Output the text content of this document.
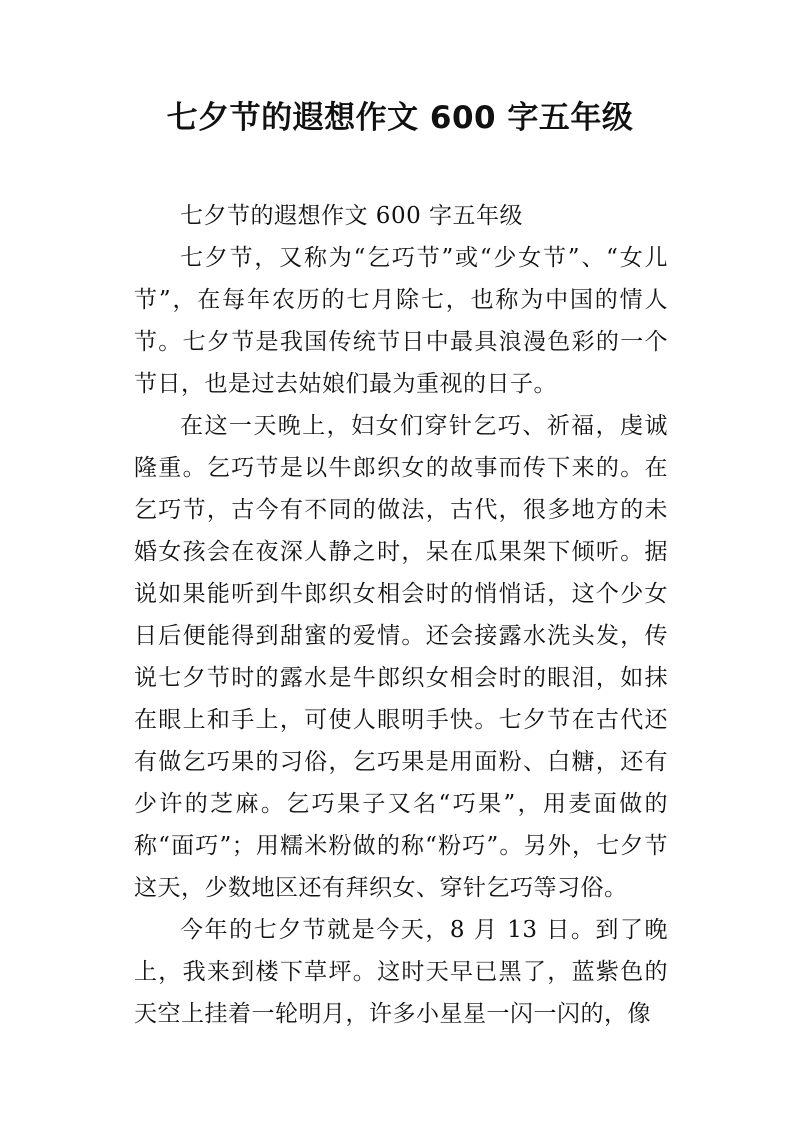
七夕节的遐想作文 600 字五年级

七夕节的遐想作文 600 字五年级

七夕节，又称为“乞巧节”或“少女节”、“女儿节”，在每年农历的七月除七，也称为中国的情人节。七夕节是我国传统节日中最具浪漫色彩的一个节日，也是过去姑娘们最为重视的日子。

在这一天晚上，妇女们穿针乞巧、祈福，虔诚隆重。乞巧节是以牛郎织女的故事而传下来的。在乞巧节，古今有不同的做法，古代，很多地方的未婚女孩会在夜深人静之时，呆在瓜果架下倾听。据说如果能听到牛郎织女相会时的悄悄话，这个少女日后便能得到甜蜜的爱情。还会接露水洗头发，传说七夕节时的露水是牛郎织女相会时的眼泪，如抹在眼上和手上，可使人眼明手快。七夕节在古代还有做乞巧果的习俗，乞巧果是用面粉、白糖，还有少许的芝麻。乞巧果子又名“巧果”，用麦面做的称“面巧”；用糯米粉做的称“粉巧”。另外，七夕节这天，少数地区还有拜织女、穿针乞巧等习俗。

今年的七夕节就是今天，8 月 13 日。到了晚上，我来到楼下草坪。这时天早已黑了，蓝紫色的天空上挂着一轮明月，许多小星星一闪一闪的，像
